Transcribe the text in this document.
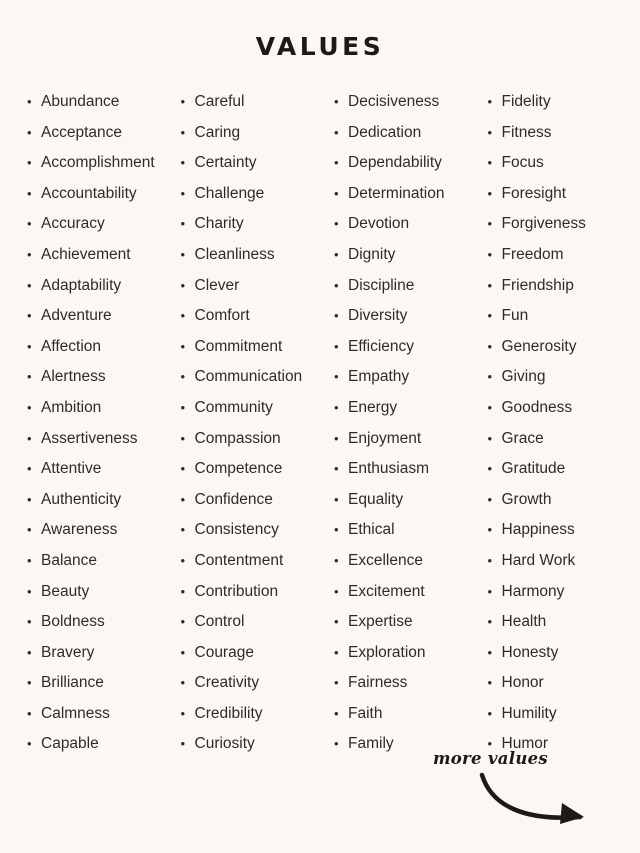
VALUES
• Abundance
• Acceptance
• Accomplishment
• Accountability
• Accuracy
• Achievement
• Adaptability
• Adventure
• Affection
• Alertness
• Ambition
• Assertiveness
• Attentive
• Authenticity
• Awareness
• Balance
• Beauty
• Boldness
• Bravery
• Brilliance
• Calmness
• Capable
• Careful
• Caring
• Certainty
• Challenge
• Charity
• Cleanliness
• Clever
• Comfort
• Commitment
• Communication
• Community
• Compassion
• Competence
• Confidence
• Consistency
• Contentment
• Contribution
• Control
• Courage
• Creativity
• Credibility
• Curiosity
• Decisiveness
• Dedication
• Dependability
• Determination
• Devotion
• Dignity
• Discipline
• Diversity
• Efficiency
• Empathy
• Energy
• Enjoyment
• Enthusiasm
• Equality
• Ethical
• Excellence
• Excitement
• Expertise
• Exploration
• Fairness
• Faith
• Family
• Fidelity
• Fitness
• Focus
• Foresight
• Forgiveness
• Freedom
• Friendship
• Fun
• Generosity
• Giving
• Goodness
• Grace
• Gratitude
• Growth
• Happiness
• Hard Work
• Harmony
• Health
• Honesty
• Honor
• Humility
• Humor
more values
